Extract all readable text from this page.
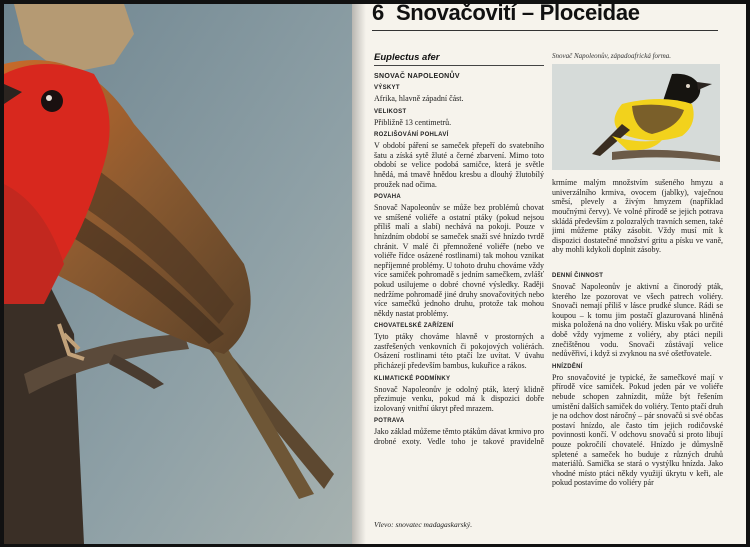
6 Snovačovití – Ploceidae
Euplectus afer
SNOVAČ NAPOLEONŮV
VÝSKYT
Afrika, hlavně západní část.
VELIKOST
Přibližně 13 centimetrů.
ROZLIŠOVÁNÍ POHLAVÍ
V období páření se sameček přepeří do svatebního šatu a získá sytě žluté a černé zbarvení. Mimo toto období se velice podobá samičce, která je světle hnědá, má tmavě hnědou kresbu a dlouhý žlutobílý proužek nad očima.
POVAHA
Snovač Napoleonův se může bez problémů chovat ve smíšené voliéře a ostatní ptáky (pokud nejsou příliš malí a slabí) nechává na pokoji. Pouze v hnízdním období se sameček snaží své hnízdo tvrdě chránit. V malé či přemnožené voliéře (nebo ve voliéře řídce osázené rostlinami) tak mohou vznikat nepříjemné problémy. U tohoto druhu chováme vždy více samiček pohromadě s jedním samečkem, zvlášť pokud usilujeme o dobré chovné výsledky. Raději nedržíme pohromadě jiné druhy snovačovitých nebo více samečků jednoho druhu, protože tak mohou někdy nastat problémy.
CHOVATELSKÉ ZAŘÍZENÍ
Tyto ptáky chováme hlavně v prostorných a zastřešených venkovních či pokojových voliérách. Osázení rostlinami této ptačí lze uvítat. V úvahu přicházejí především bambus, kukuřice a rákos.
KLIMATICKÉ PODMÍNKY
Snovač Napoleonův je odolný pták, který klidně přezimuje venku, pokud má k dispozici dobře izolovaný vnitřní úkryt před mrazem.
POTRAVA
Jako základ můžeme těmto ptákům dávat krmivo pro drobné exoty. Vedle toho je takové pravidelně
Snovač Napoleonův, západoafrická forma.
krmíme malým množstvím sušeného hmyzu a univerzálního krmiva, ovocem (jablky), vaječnou směsí, plevely a živým hmyzem (například moučnými červy). Ve volné přírodě se jejich potrava skládá především z polozralých travních semen, také jimi můžeme ptáky zásobit. Vždy musí mít k dispozici dostatečné množství gritu a písku ve vaně, aby mohli kdykoli doplnit zásoby.
DENNÍ ČINNOST
Snovač Napoleonův je aktivní a činorodý pták, kterého lze pozorovat ve všech patrech voliéry. Snovači nemají příliš v lásce prudké slunce. Rádi se koupou – k tomu jim postačí glazurovaná hliněná miska položená na dno voliéry. Misku však po určité době vždy vyjmeme z voliéry, aby ptáci nepili znečištěnou vodu. Snovači zůstávají velice nedůvěřiví, i když si zvyknou na své ošetřovatele.
HNÍZDĚNÍ
Pro snovačovité je typické, že samečkové mají v přírodě více samiček. Pokud jeden pár ve voliéře nebude schopen zahnízdit, může být řešením umístění dalších samiček do voliéry. Tento ptačí druh je na odchov dost náročný – pár snovačů si své občas postaví hnízdo, ale často tím jejich rodičovské povinnosti končí. V odchovu snovačů si proto libují pouze pokročilí chovatelé. Hnízdo je důmyslně spletené a sameček ho buduje z různých druhů materiálů. Samička se stará o vystýlku hnízda. Jako vhodné místo ptáci někdy využijí úkrytu v keři, ale pokud postavíme do voliéry pár
Vlevo: snovatec madagaskarský.
